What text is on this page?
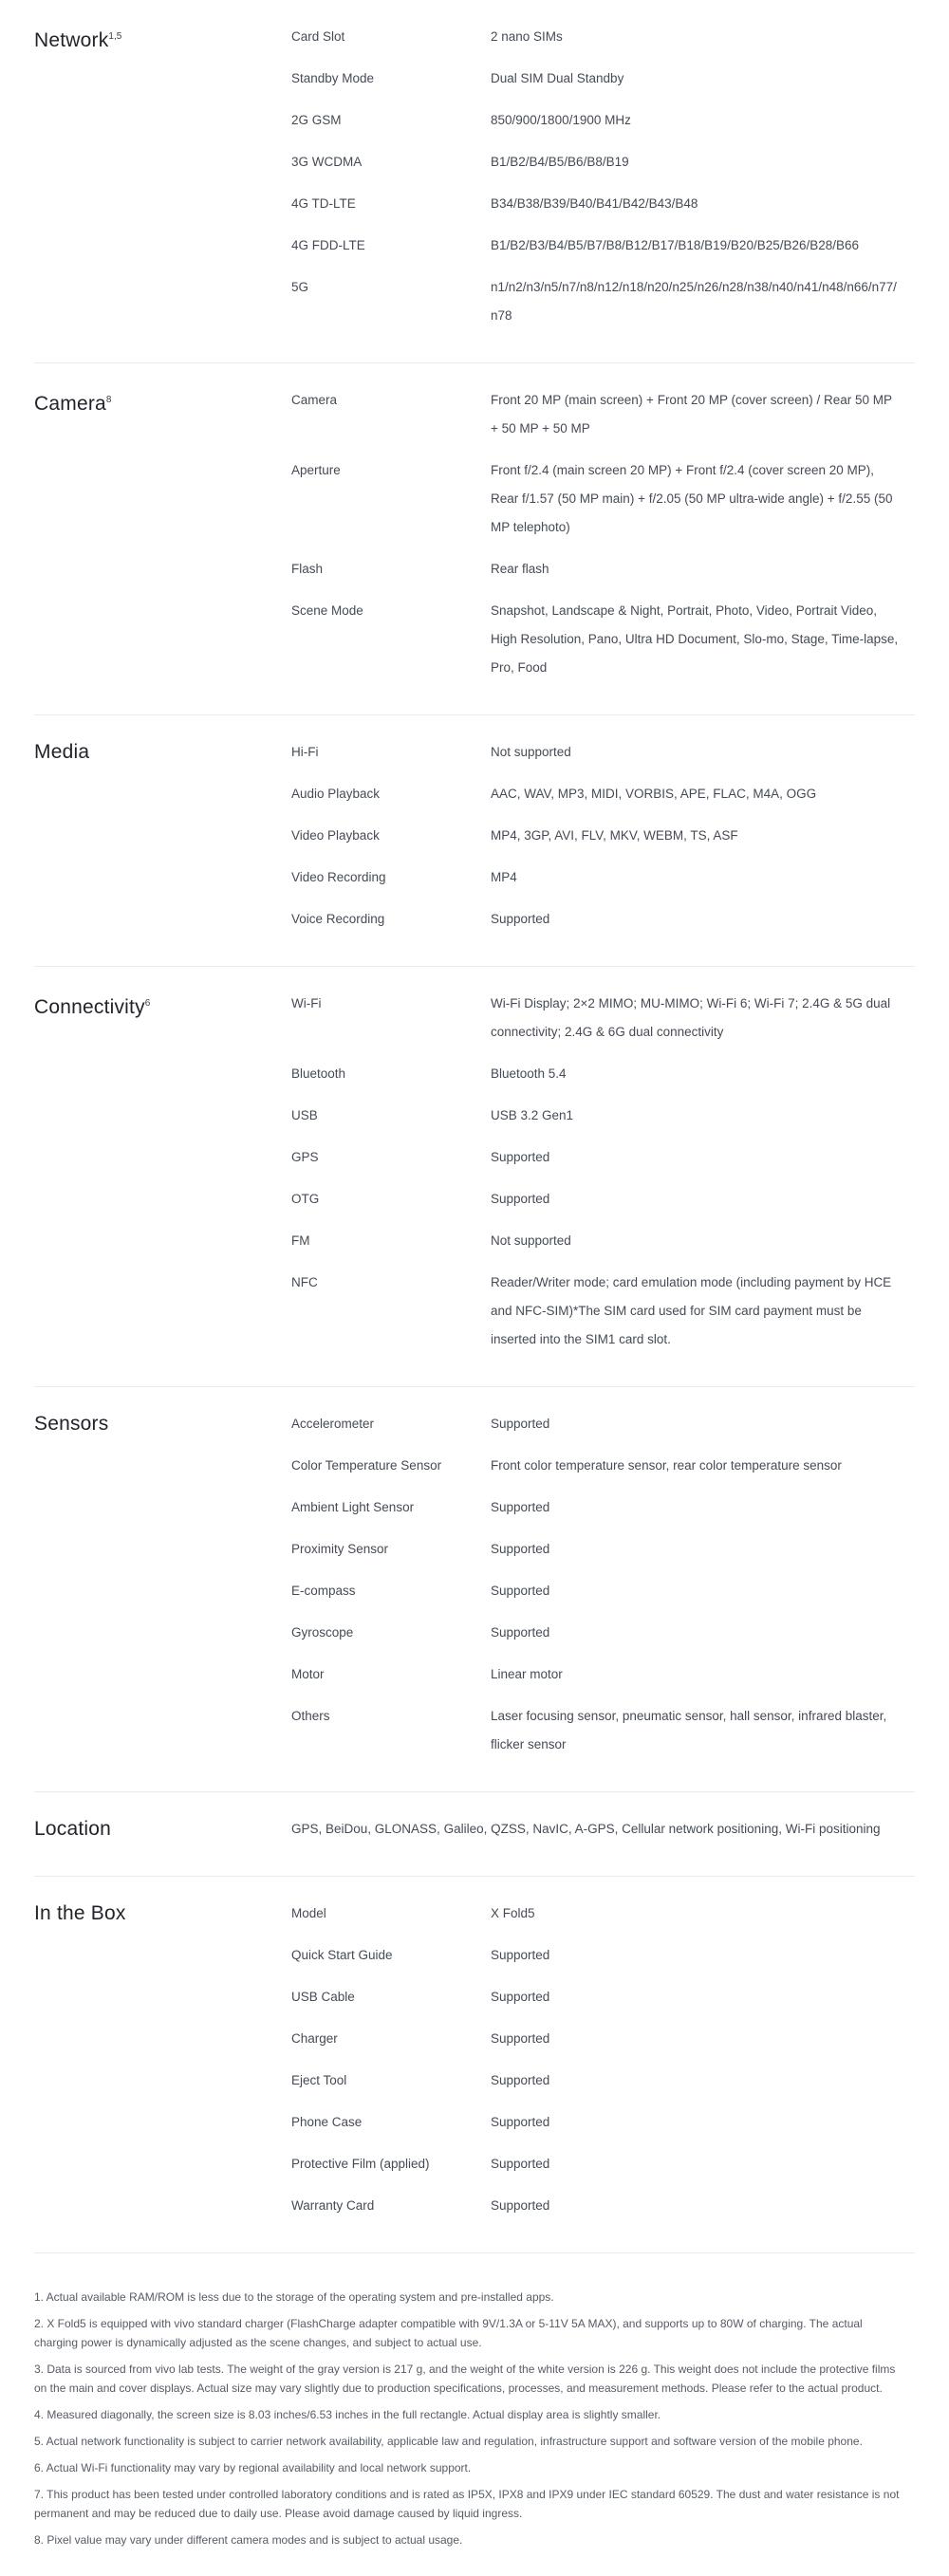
Network$^{1,5}$	Card Slot	2 nano SIMs
Standby Mode	Dual SIM Dual Standby
2G GSM	850/900/1800/1900 MHz
3G WCDMA	B1/B2/B4/B5/B6/B8/B19
4G TD-LTE	B34/B38/B39/B40/B41/B42/B43/B48
4G FDD-LTE	B1/B2/B3/B4/B5/B7/B8/B12/B17/B18/B19/B20/B25/B26/B28/B66
5G	n1/n2/n3/n5/n7/n8/n12/n18/n20/n25/n26/n28/n38/n40/n41/n48/n66/n77/n78
Camera$^8$	Camera	Front 20 MP (main screen) + Front 20 MP (cover screen) / Rear 50 MP + 50 MP + 50 MP
Aperture	Front f/2.4 (main screen 20 MP) + Front f/2.4 (cover screen 20 MP), Rear f/1.57 (50 MP main) + f/2.05 (50 MP ultra-wide angle) + f/2.55 (50 MP telephoto)
Flash	Rear flash
Scene Mode	Snapshot, Landscape & Night, Portrait, Photo, Video, Portrait Video, High Resolution, Pano, Ultra HD Document, Slo-mo, Stage, Time-lapse, Pro, Food
Media	Hi-Fi	Not supported
Audio Playback	AAC, WAV, MP3, MIDI, VORBIS, APE, FLAC, M4A, OGG
Video Playback	MP4, 3GP, AVI, FLV, MKV, WEBM, TS, ASF
Video Recording	MP4
Voice Recording	Supported
Connectivity$^6$	Wi-Fi	Wi-Fi Display; 2×2 MIMO; MU-MIMO; Wi-Fi 6; Wi-Fi 7; 2.4G & 5G dual connectivity; 2.4G & 6G dual connectivity
Bluetooth	Bluetooth 5.4
USB	USB 3.2 Gen1
GPS	Supported
OTG	Supported
FM	Not supported
NFC	Reader/Writer mode; card emulation mode (including payment by HCE and NFC-SIM)*The SIM card used for SIM card payment must be inserted into the SIM1 card slot.
Sensors	Accelerometer	Supported
Color Temperature Sensor	Front color temperature sensor, rear color temperature sensor
Ambient Light Sensor	Supported
Proximity Sensor	Supported
E-compass	Supported
Gyroscope	Supported
Motor	Linear motor
Others	Laser focusing sensor, pneumatic sensor, hall sensor, infrared blaster, flicker sensor
Location	GPS, BeiDou, GLONASS, Galileo, QZSS, NavIC, A-GPS, Cellular network positioning, Wi-Fi positioning
In the Box	Model	X Fold5
Quick Start Guide	Supported
USB Cable	Supported
Charger	Supported
Eject Tool	Supported
Phone Case	Supported
Protective Film (applied)	Supported
Warranty Card	Supported

1. Actual available RAM/ROM is less due to the storage of the operating system and pre-installed apps.

2. X Fold5 is equipped with vivo standard charger (FlashCharge adapter compatible with 9V/1.3A or 5-11V 5A MAX), and supports up to 80W of charging. The actual charging power is dynamically adjusted as the scene changes, and subject to actual use.

3. Data is sourced from vivo lab tests. The weight of the gray version is 217 g, and the weight of the white version is 226 g. This weight does not include the protective films on the main and cover displays. Actual size may vary slightly due to production specifications, processes, and measurement methods. Please refer to the actual product.

4. Measured diagonally, the screen size is 8.03 inches/6.53 inches in the full rectangle. Actual display area is slightly smaller.

5. Actual network functionality is subject to carrier network availability, applicable law and regulation, infrastructure support and software version of the mobile phone.

6. Actual Wi-Fi functionality may vary by regional availability and local network support.

7. This product has been tested under controlled laboratory conditions and is rated as IP5X, IPX8 and IPX9 under IEC standard 60529. The dust and water resistance is not permanent and may be reduced due to daily use. Please avoid damage caused by liquid ingress.

8. Pixel value may vary under different camera modes and is subject to actual usage.
